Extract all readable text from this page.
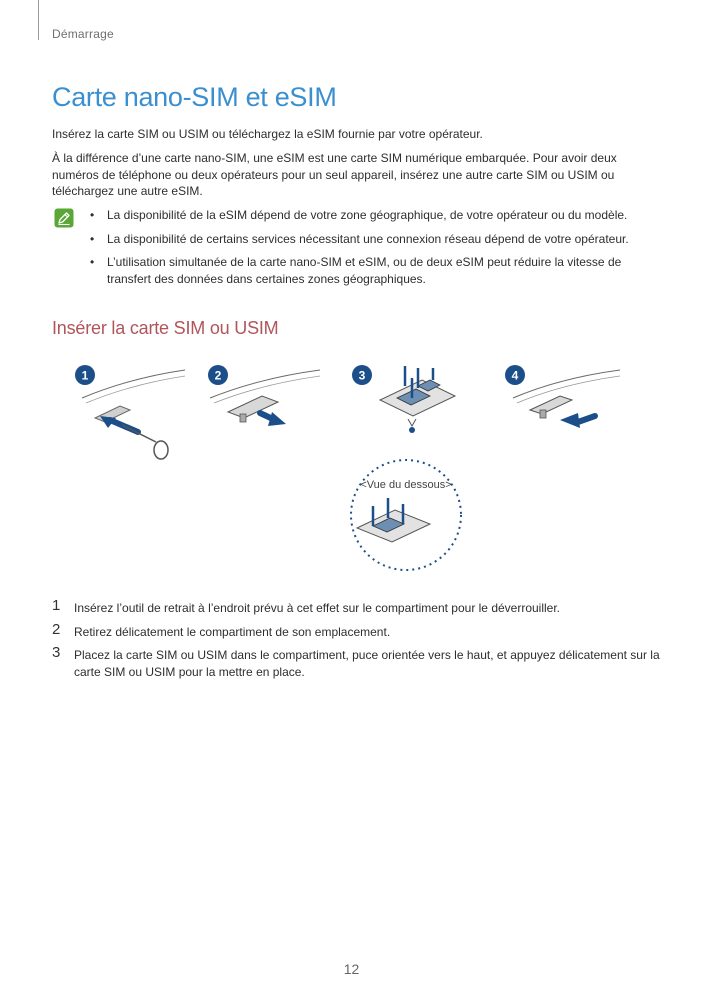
Démarrage
Carte nano-SIM et eSIM

Insérez la carte SIM ou USIM ou téléchargez la eSIM fournie par votre opérateur.

À la différence d’une carte nano-SIM, une eSIM est une carte SIM numérique embarquée. Pour avoir deux numéros de téléphone ou deux opérateurs pour un seul appareil, insérez une autre carte SIM ou USIM ou téléchargez une autre eSIM.

• La disponibilité de la eSIM dépend de votre zone géographique, de votre opérateur ou du modèle.
• La disponibilité de certains services nécessitant une connexion réseau dépend de votre opérateur.
• L’utilisation simultanée de la carte nano-SIM et eSIM, ou de deux eSIM peut réduire la vitesse de transfert des données dans certaines zones géographiques.
Insérer la carte SIM ou USIM
1	2	3	4
<Vue du dessous>
1 Insérez l’outil de retrait à l’endroit prévu à cet effet sur le compartiment pour le déverrouiller.
2 Retirez délicatement le compartiment de son emplacement.
3 Placez la carte SIM ou USIM dans le compartiment, puce orientée vers le haut, et appuyez délicatement sur la carte SIM ou USIM pour la mettre en place.
12
